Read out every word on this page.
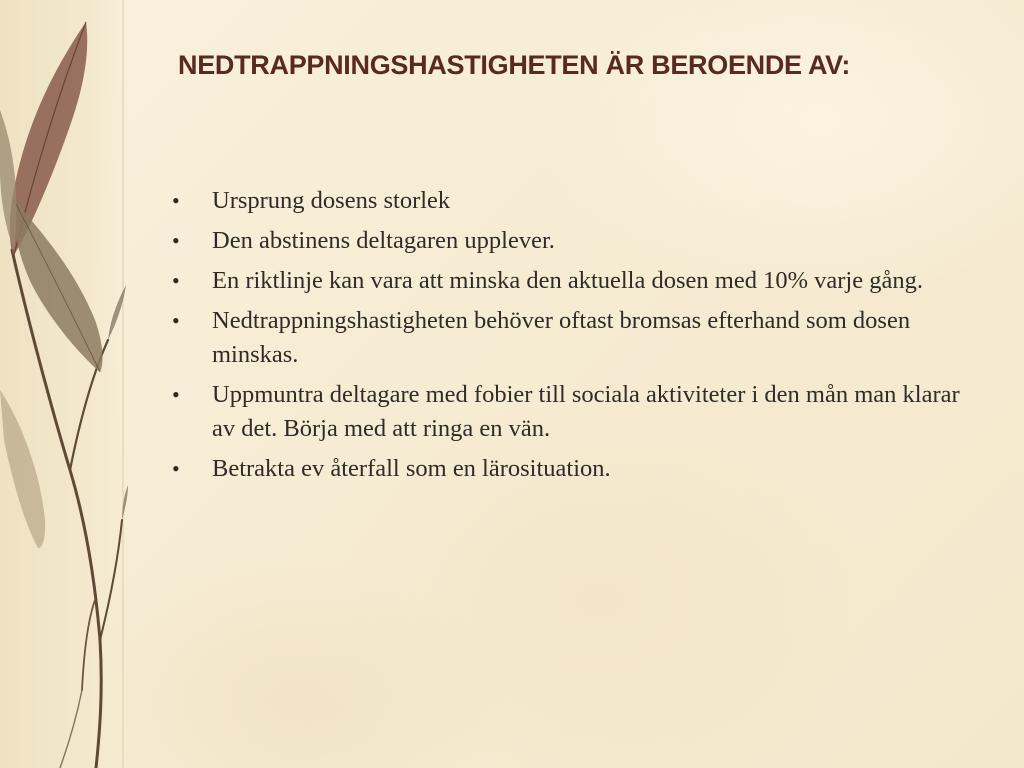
NEDTRAPPNINGSHASTIGHETEN ÄR BEROENDE AV:
•	Ursprung dosens storlek
•	Den abstinens deltagaren upplever.
•	En riktlinje kan vara att minska den aktuella dosen med 10% varje gång.
•	Nedtrappningshastigheten behöver oftast bromsas efterhand som dosen minskas.
•	Uppmuntra deltagare med fobier till sociala aktiviteter i den mån man klarar av det. Börja med att ringa en vän.
•	Betrakta ev återfall som en lärosituation.
